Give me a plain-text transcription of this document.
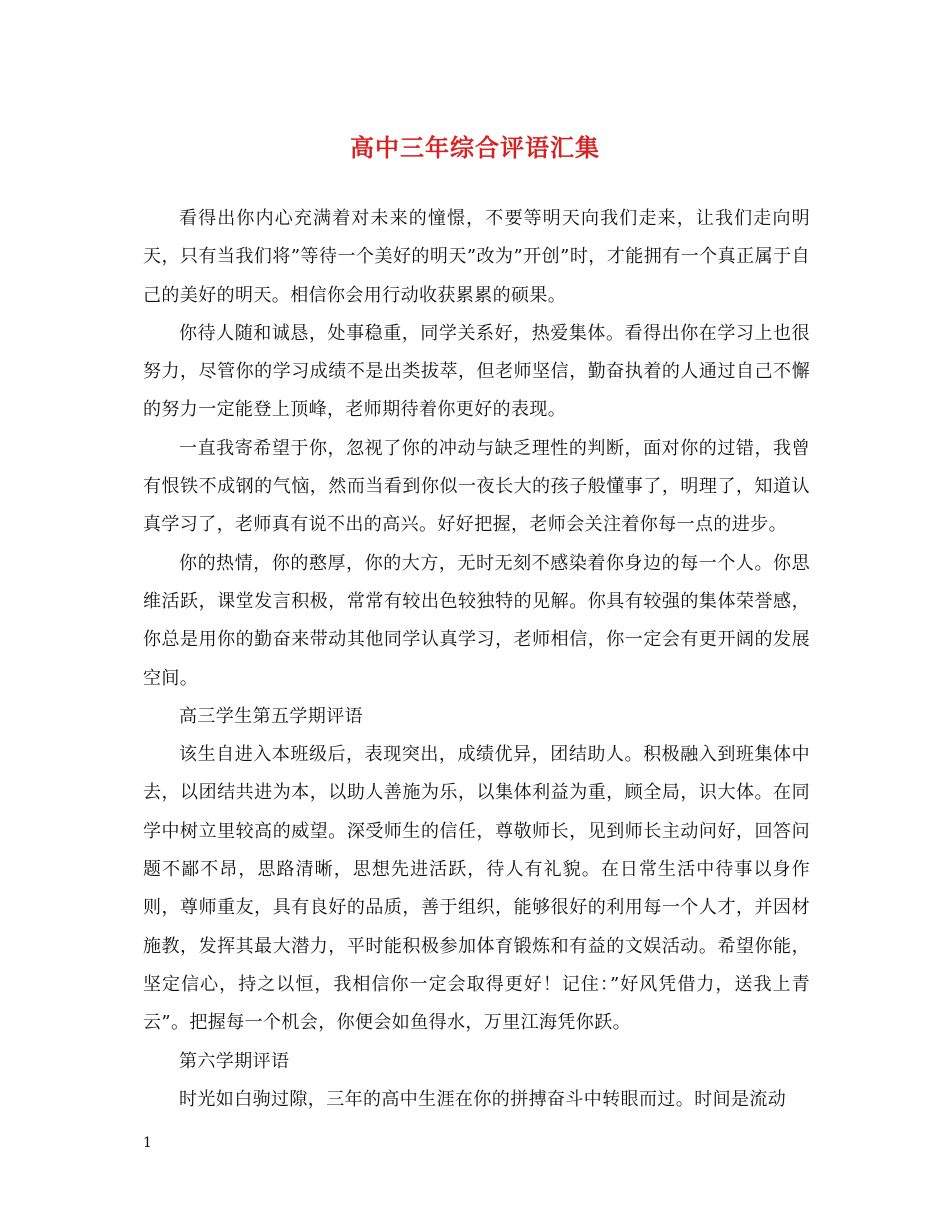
高中三年综合评语汇集

看得出你内心充满着对未来的憧憬，不要等明天向我们走来，让我们走向明天，只有当我们将”等待一个美好的明天”改为”开创”时，才能拥有一个真正属于自己的美好的明天。相信你会用行动收获累累的硕果。

你待人随和诚恳，处事稳重，同学关系好，热爱集体。看得出你在学习上也很努力，尽管你的学习成绩不是出类拔萃，但老师坚信，勤奋执着的人通过自己不懈的努力一定能登上顶峰，老师期待着你更好的表现。

一直我寄希望于你，忽视了你的冲动与缺乏理性的判断，面对你的过错，我曾有恨铁不成钢的气恼，然而当看到你似一夜长大的孩子般懂事了，明理了，知道认真学习了，老师真有说不出的高兴。好好把握，老师会关注着你每一点的进步。

你的热情，你的憨厚，你的大方，无时无刻不感染着你身边的每一个人。你思维活跃，课堂发言积极，常常有较出色较独特的见解。你具有较强的集体荣誉感，你总是用你的勤奋来带动其他同学认真学习，老师相信，你一定会有更开阔的发展空间。

高三学生第五学期评语

该生自进入本班级后，表现突出，成绩优异，团结助人。积极融入到班集体中去，以团结共进为本，以助人善施为乐，以集体利益为重，顾全局，识大体。在同学中树立里较高的威望。深受师生的信任，尊敬师长，见到师长主动问好，回答问题不鄙不昂，思路清晰，思想先进活跃，待人有礼貌。在日常生活中待事以身作则，尊师重友，具有良好的品质，善于组织，能够很好的利用每一个人才，并因材施教，发挥其最大潜力，平时能积极参加体育锻炼和有益的文娱活动。希望你能，坚定信心，持之以恒，我相信你一定会取得更好！记住：”好风凭借力，送我上青云”。把握每一个机会，你便会如鱼得水，万里江海凭你跃。

第六学期评语

时光如白驹过隙，三年的高中生涯在你的拼搏奋斗中转眼而过。时间是流动

1
